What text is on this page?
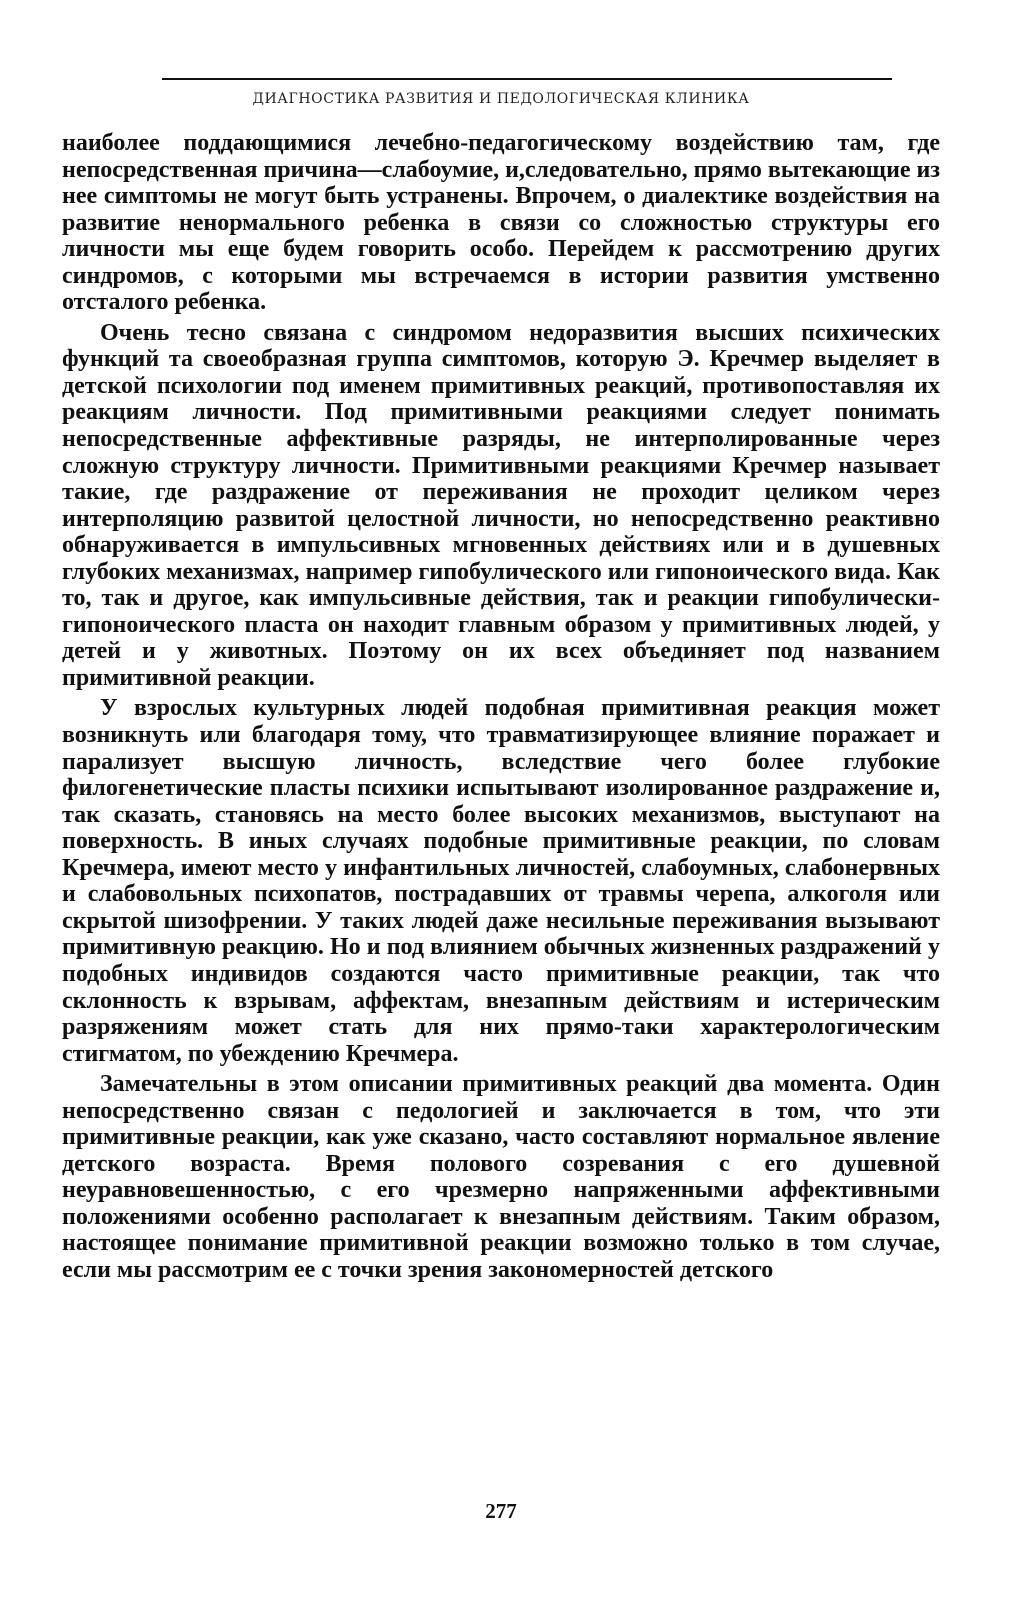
ДИАГНОСТИКА РАЗВИТИЯ И ПЕДОЛОГИЧЕСКАЯ КЛИНИКА

наиболее поддающимися лечебно-педагогическому воздействию там, где непосредственная причина—слабоумие, и,следовательно, прямо вытекающие из нее симптомы не могут быть устранены. Впрочем, о диалектике воздействия на развитие ненормального ребенка в связи со сложностью структуры его личности мы еще будем говорить особо. Перейдем к рассмотрению других синдромов, с которыми мы встречаемся в истории развития умственно отсталого ребенка.

Очень тесно связана с синдромом недоразвития высших психических функций та своеобразная группа симптомов, которую Э. Кречмер выделяет в детской психологии под именем примитивных реакций, противопоставляя их реакциям личности. Под примитивными реакциями следует понимать непосредственные аффективные разряды, не интерполированные через сложную структуру личности. Примитивными реакциями Кречмер называет такие, где раздражение от переживания не проходит целиком через интерполяцию развитой целостной личности, но непосредственно реактивно обнаруживается в импульсивных мгновенных действиях или и в душевных глубоких механизмах, например гипобулического или гипоноического вида. Как то, так и другое, как импульсивные действия, так и реакции гипобулически-гипоноического пласта он находит главным образом у примитивных людей, у детей и у животных. Поэтому он их всех объединяет под названием примитивной реакции.

У взрослых культурных людей подобная примитивная реакция может возникнуть или благодаря тому, что травматизирующее влияние поражает и парализует высшую личность, вследствие чего более глубокие филогенетические пласты психики испытывают изолированное раздражение и, так сказать, становясь на место более высоких механизмов, выступают на поверхность. В иных случаях подобные примитивные реакции, по словам Кречмера, имеют место у инфантильных личностей, слабоумных, слабонервных и слабовольных психопатов, пострадавших от травмы черепа, алкоголя или скрытой шизофрении. У таких людей даже несильные переживания вызывают примитивную реакцию. Но и под влиянием обычных жизненных раздражений у подобных индивидов создаются часто примитивные реакции, так что склонность к взрывам, аффектам, внезапным действиям и истерическим разряжениям может стать для них прямо-таки характерологическим стигматом, по убеждению Кречмера.

Замечательны в этом описании примитивных реакций два момента. Один непосредственно связан с педологией и заключается в том, что эти примитивные реакции, как уже сказано, часто составляют нормальное явление детского возраста. Время полового созревания с его душевной неуравновешенностью, с его чрезмерно напряженными аффективными положениями особенно располагает к внезапным действиям. Таким образом, настоящее понимание примитивной реакции возможно только в том случае, если мы рассмотрим ее с точки зрения закономерностей детского

277
